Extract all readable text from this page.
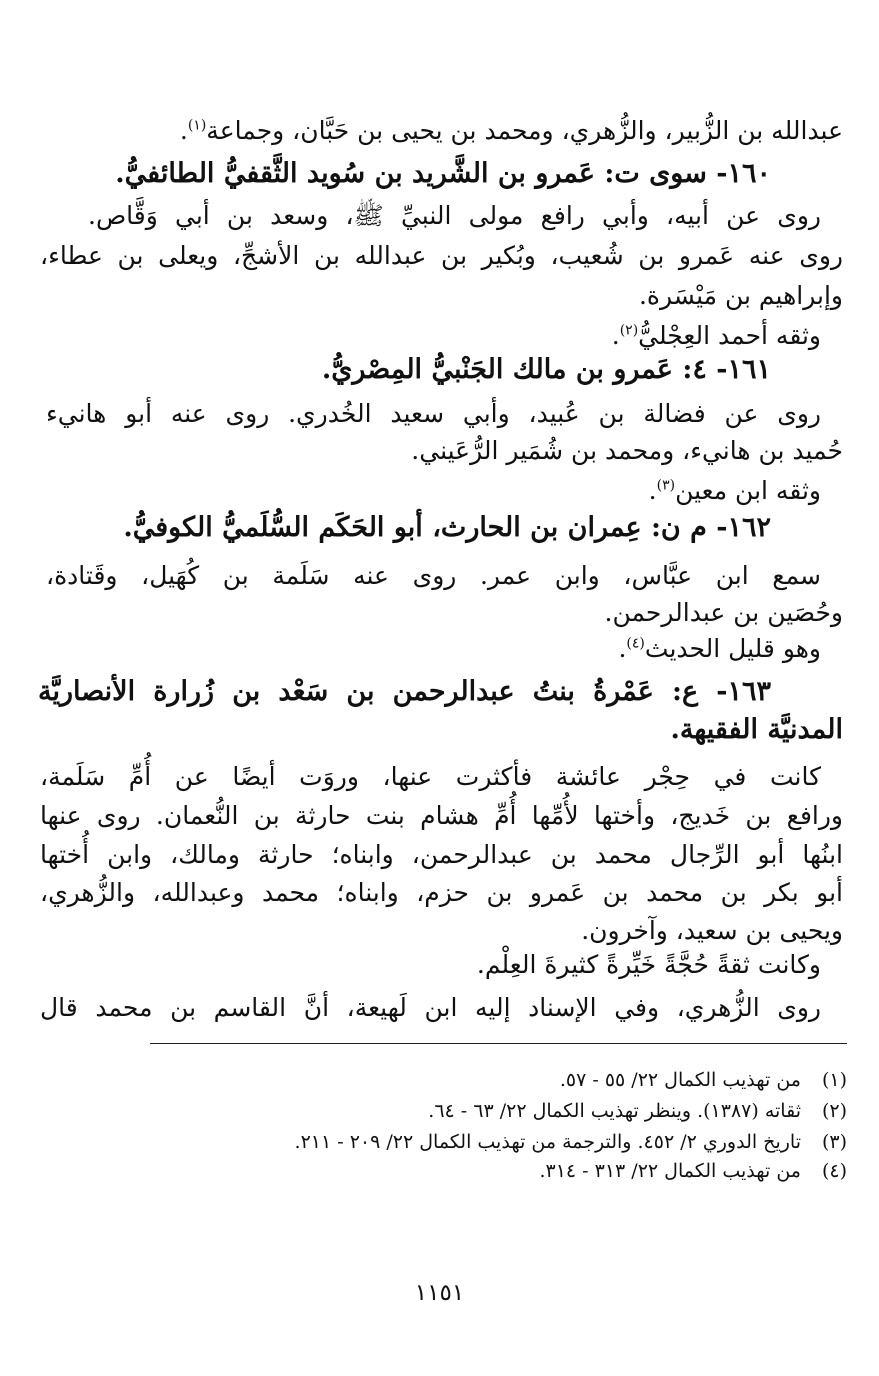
عبدالله بن الزُّبير، والزُّهري، ومحمد بن يحيى بن حَبَّان، وجماعة$^{(١)}$.
١٦٠- سوى ت: عَمرو بن الشَّريد بن سُويد الثَّقفيُّ الطائفيُّ.
روى عن أبيه، وأبي رافع مولى النبيِّ ﷺ، وسعد بن أبي وَقَّاص.
روى عنه عَمرو بن شُعيب، وبُكير بن عبدالله بن الأشجِّ، ويعلى بن عطاء،
وإبراهيم بن مَيْسَرة.
وثقه أحمد العِجْليُّ$^{(٢)}$.
١٦١- ٤: عَمرو بن مالك الجَنْبيُّ المِصْريُّ.
روى عن فضالة بن عُبيد، وأبي سعيد الخُدري. روى عنه أبو هانيء
حُميد بن هانيء، ومحمد بن شُمَير الرُّعَيني.
وثقه ابن معين$^{(٣)}$.
١٦٢- م ن: عِمران بن الحارث، أبو الحَكَم السُّلَميُّ الكوفيُّ.
سمع ابن عبَّاس، وابن عمر. روى عنه سَلَمة بن كُهَيل، وقَتادة،
وحُصَين بن عبدالرحمن.
وهو قليل الحديث$^{(٤)}$.
١٦٣- ع: عَمْرةُ بنتُ عبدالرحمن بن سَعْد بن زُرارة الأنصاريَّة
المدنيَّة الفقيهة.
كانت في حِجْر عائشة فأكثرت عنها، وروَت أيضًا عن أُمِّ سَلَمة،
ورافع بن خَديج، وأختها لأُمِّها أُمِّ هشام بنت حارثة بن النُّعمان. روى عنها
ابنُها أبو الرِّجال محمد بن عبدالرحمن، وابناه؛ حارثة ومالك، وابن أُختها
أبو بكر بن محمد بن عَمرو بن حزم، وابناه؛ محمد وعبدالله، والزُّهري،
ويحيى بن سعيد، وآخرون.
وكانت ثقةً حُجَّةً خَيِّرةً كثيرةَ العِلْم.
روى الزُّهري، وفي الإسناد إليه ابن لَهيعة، أنَّ القاسم بن محمد قال
(١)
من تهذيب الكمال ٢٢/ ٥٥ - ٥٧.
(٢)
ثقاته (١٣٨٧). وينظر تهذيب الكمال ٢٢/ ٦٣ - ٦٤.
(٣)
تاريخ الدوري ٢/ ٤٥٢. والترجمة من تهذيب الكمال ٢٢/ ٢٠٩ - ٢١١.
(٤)
من تهذيب الكمال ٢٢/ ٣١٣ - ٣١٤.
١١٥١
